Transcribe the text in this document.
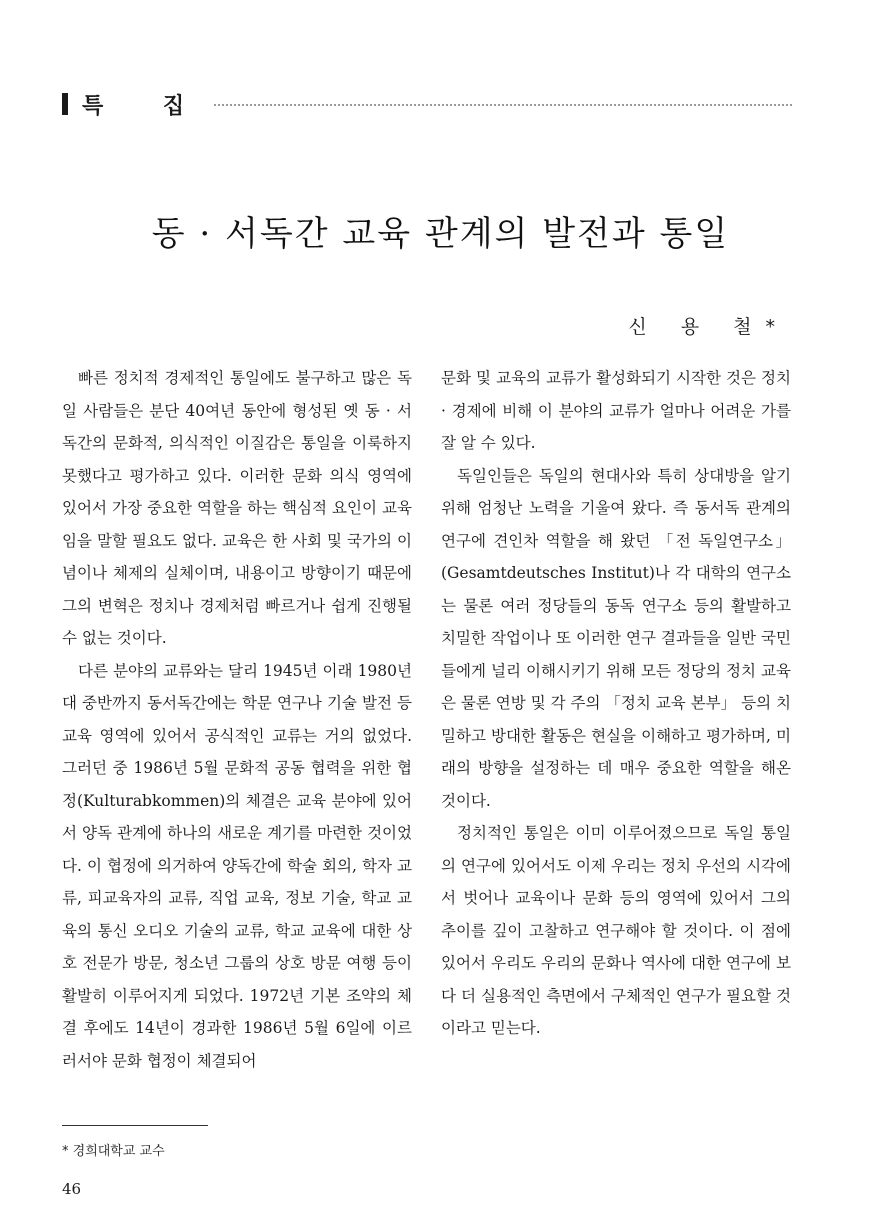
특 집
동 · 서독간 교육 관계의 발전과 통일
신 용 철*

빠른 정치적 경제적인 통일에도 불구하고 많은 독일 사람들은 분단 40여년 동안에 형성된 옛 동 · 서독간의 문화적, 의식적인 이질감은 통일을 이룩하지 못했다고 평가하고 있다. 이러한 문화 의식 영역에 있어서 가장 중요한 역할을 하는 핵심적 요인이 교육임을 말할 필요도 없다. 교육은 한 사회 및 국가의 이념이나 체제의 실체이며, 내용이고 방향이기 때문에 그의 변혁은 정치나 경제처럼 빠르거나 쉽게 진행될 수 없는 것이다.

다른 분야의 교류와는 달리 1945년 이래 1980년대 중반까지 동서독간에는 학문 연구나 기술 발전 등 교육 영역에 있어서 공식적인 교류는 거의 없었다. 그러던 중 1986년 5월 문화적 공동 협력을 위한 협정(Kulturabkommen)의 체결은 교육 분야에 있어서 양독 관계에 하나의 새로운 계기를 마련한 것이었다. 이 협정에 의거하여 양독간에 학술 회의, 학자 교류, 피교육자의 교류, 직업 교육, 정보 기술, 학교 교육의 통신 오디오 기술의 교류, 학교 교육에 대한 상호 전문가 방문, 청소년 그룹의 상호 방문 여행 등이 활발히 이루어지게 되었다. 1972년 기본 조약의 체결 후에도 14년이 경과한 1986년 5월 6일에 이르러서야 문화 협정이 체결되어

문화 및 교육의 교류가 활성화되기 시작한 것은 정치 · 경제에 비해 이 분야의 교류가 얼마나 어려운 가를 잘 알 수 있다.

독일인들은 독일의 현대사와 특히 상대방을 알기 위해 엄청난 노력을 기울여 왔다. 즉 동서독 관계의 연구에 견인차 역할을 해 왔던 「전 독일연구소」(Gesamtdeutsches Institut)나 각 대학의 연구소는 물론 여러 정당들의 동독 연구소 등의 활발하고 치밀한 작업이나 또 이러한 연구 결과들을 일반 국민들에게 널리 이해시키기 위해 모든 정당의 정치 교육은 물론 연방 및 각 주의 「정치 교육 본부」 등의 치밀하고 방대한 활동은 현실을 이해하고 평가하며, 미래의 방향을 설정하는 데 매우 중요한 역할을 해온 것이다.

정치적인 통일은 이미 이루어졌으므로 독일 통일의 연구에 있어서도 이제 우리는 정치 우선의 시각에서 벗어나 교육이나 문화 등의 영역에 있어서 그의 추이를 깊이 고찰하고 연구해야 할 것이다. 이 점에 있어서 우리도 우리의 문화나 역사에 대한 연구에 보다 더 실용적인 측면에서 구체적인 연구가 필요할 것이라고 믿는다.

* 경희대학교 교수
46
